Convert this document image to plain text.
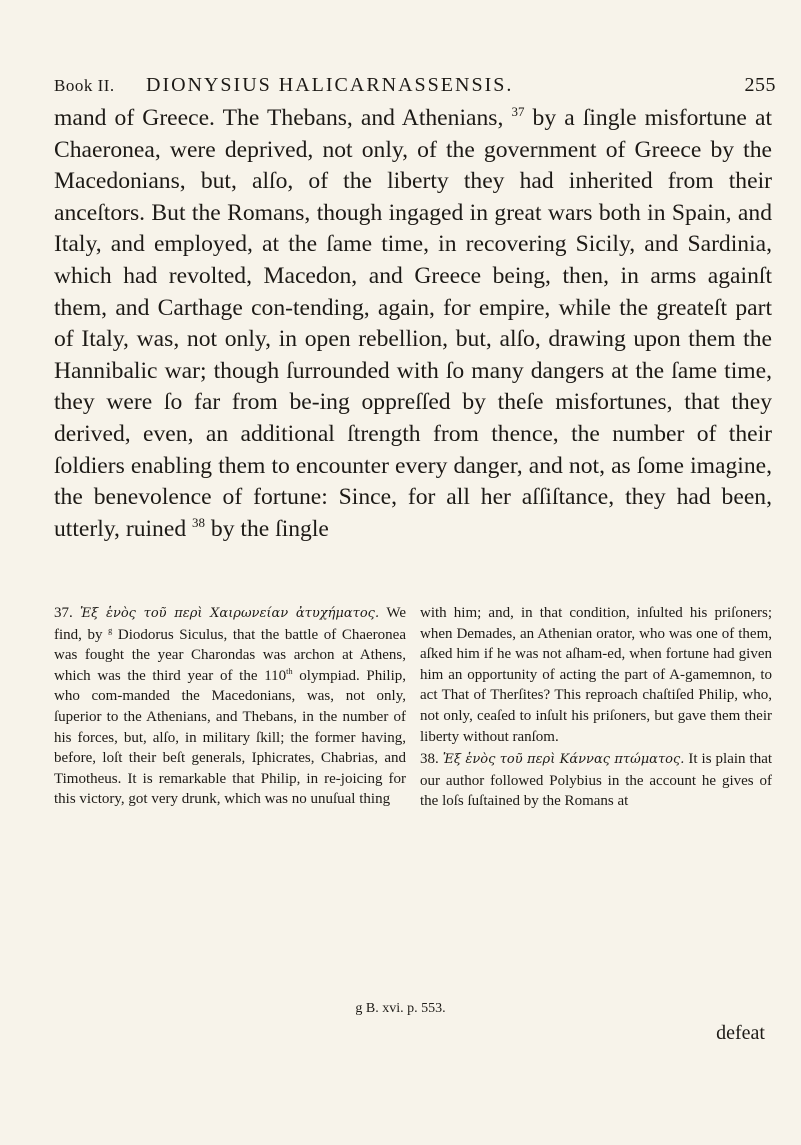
Book II. DIONYSIUS HALICARNASSENSIS.	255

mand of Greece. The Thebans, and Athenians, $^{37}$ by a ſingle misfortune at Chaeronea, were deprived, not only, of the government of Greece by the Macedonians, but, alſo, of the liberty they had inherited from their anceſtors. But the Romans, though ingaged in great wars both in Spain, and Italy, and employed, at the ſame time, in recovering Sicily, and Sardinia, which had revolted, Macedon, and Greece being, then, in arms againſt them, and Carthage con-tending, again, for empire, while the greateſt part of Italy, was, not only, in open rebellion, but, alſo, drawing upon them the Hannibalic war; though ſurrounded with ſo many dangers at the ſame time, they were ſo far from be-ing oppreſſed by theſe misfortunes, that they derived, even, an additional ſtrength from thence, the number of their ſoldiers enabling them to encounter every danger, and not, as ſome imagine, the benevolence of fortune: Since, for all her aſſiſtance, they had been, utterly, ruined $^{38}$ by the ſingle

37. Ἐξ ἑνὸς τοῦ περὶ Χαιρωνείαν ἀτυχήματος. We find, by $^g$ Diodorus Siculus, that the battle of Chaeronea was fought the year Charondas was archon at Athens, which was the third year of the 110th olympiad. Philip, who com-manded the Macedonians, was, not only, ſuperior to the Athenians, and Thebans, in the number of his forces, but, alſo, in military ſkill; the former having, before, loſt their beſt generals, Iphicrates, Chabrias, and Timotheus. It is remarkable that Philip, in re-joicing for this victory, got very drunk, which was no unuſual thing

with him; and, in that condition, inſulted his priſoners; when Demades, an Athenian orator, who was one of them, aſked him if he was not aſham-ed, when fortune had given him an opportunity of acting the part of A-gamemnon, to act That of Therſites? This reproach chaſtiſed Philip, who, not only, ceaſed to inſult his priſoners, but gave them their liberty without ranſom.

38. Ἐξ ἑνὸς τοῦ περὶ Κάννας πτώματος. It is plain that our author followed Polybius in the account he gives of the loſs ſuſtained by the Romans at

g B. xvi. p. 553.
defeat
